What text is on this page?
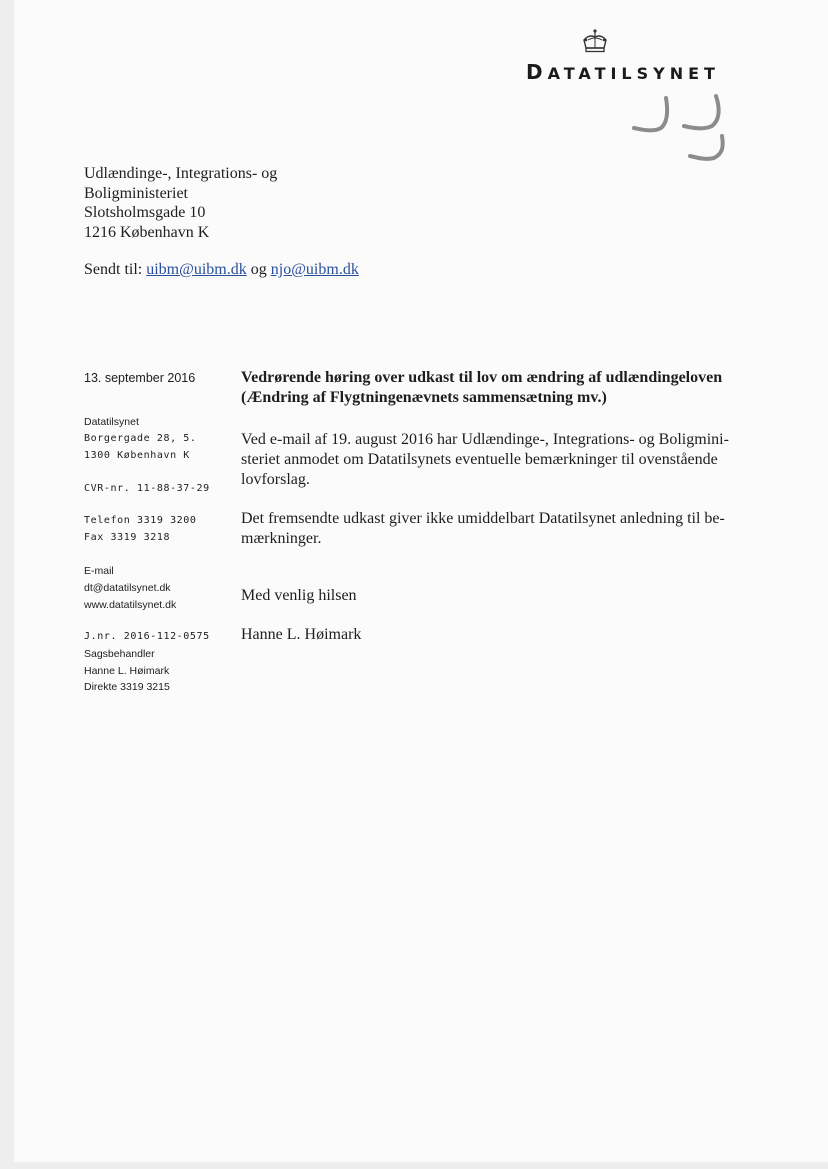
DATATILSYNET
Udlændinge-, Integrations- og
Boligministeriet
Slotsholmsgade 10
1216 København K
Sendt til: uibm@uibm.dk og njo@uibm.dk
13. september 2016
Datatilsynet
Borgergade 28, 5.
1300 København K
CVR-nr. 11-88-37-29
Telefon 3319 3200
Fax 3319 3218
E-mail
dt@datatilsynet.dk
www.datatilsynet.dk
J.nr. 2016-112-0575
Sagsbehandler
Hanne L. Høimark
Direkte 3319 3215
Vedrørende høring over udkast til lov om ændring af udlændingeloven
(Ændring af Flygtningenævnets sammensætning mv.)
Ved e-mail af 19. august 2016 har Udlændinge-, Integrations- og Boligmini-
steriet anmodet om Datatilsynets eventuelle bemærkninger til ovenstående
lovforslag.
Det fremsendte udkast giver ikke umiddelbart Datatilsynet anledning til be-
mærkninger.
Med venlig hilsen
Hanne L. Høimark
